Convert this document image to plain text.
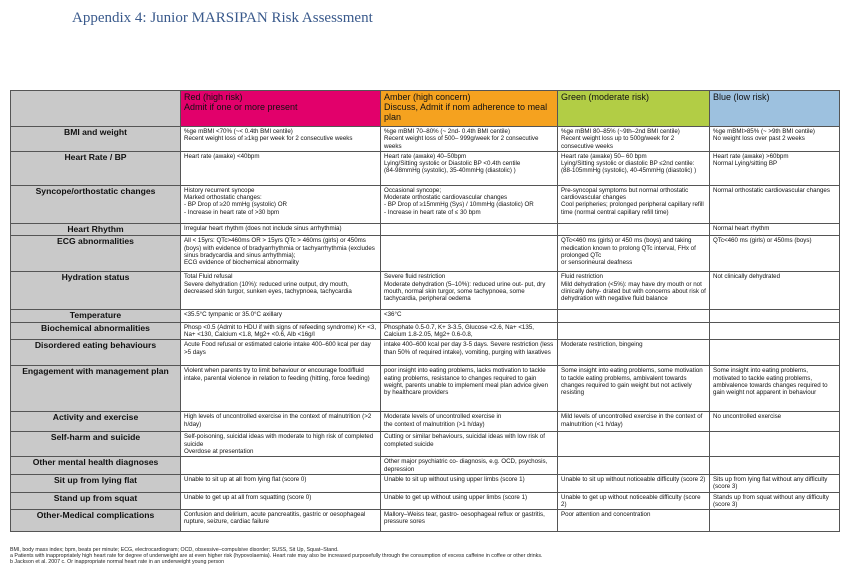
Appendix 4: Junior MARSIPAN Risk Assessment

	Red (high risk)
Admit if one or more present	Amber (high concern)
Discuss, Admit if nom adherence to meal plan	Green (moderate risk)	Blue (low risk)

BMI and weight	%ge mBMI <70% (~< 0.4th BMI centile)
Recent weight loss of ≥1kg per week for 2 consecutive weeks	%ge mBMI 70–80% (~ 2nd- 0.4th BMI centile)
Recent weight loss of 500– 999g/week for 2 consecutive weeks	%ge mBMI 80–85% (~9th–2nd BMI centile)
Recent weight loss up to 500g/week for 2 consecutive weeks	%ge mBMI>85% (~ >9th BMI centile)
No weight loss over past 2 weeks

Heart Rate / BP	Heart rate (awake) <40bpm	Heart rate (awake) 40–50bpm
Lying/Sitting systolic or Diastolic BP <0.4th centile
(84-98mmHg (systolic), 35-40mmHg (diastolic) )	Heart rate (awake) 50– 60 bpm
Lying/Sitting systolic or diastolic BP ≤2nd centile:
(88-105mmHg (systolic), 40-45mmHg (diastolic) )	Heart rate (awake) >60bpm
Normal Lying/sitting BP

Syncope/orthostatic changes	History recurrent syncope
Marked orthostatic changes:
- BP Drop of ≥20 mmHg (systolic) OR
- Increase in heart rate of >30 bpm	Occasional syncope;
Moderate orthostatic cardiovascular changes
- BP Drop of ≥15mmHg (Sys) / 10mmHg (diastolic) OR
- Increase in heart rate of ≤ 30 bpm	Pre-syncopal symptoms but normal orthostatic cardiovascular changes
Cool peripheries; prolonged peripheral capillary refill time (normal central capillary refill time)	Normal orthostatic cardiovascular changes

Heart Rhythm	Irregular heart rhythm (does not include sinus arrhythmia)			Normal heart rhythm

ECG abnormalities	All < 15yrs: QTc>460ms OR > 15yrs QTc > 460ms (girls) or 450ms (boys) with evidence of bradyarrhythmia or tachyarrhythmia (excludes sinus bradycardia and sinus arrhythmia);
ECG evidence of biochemical abnormality		QTc<460 ms (girls) or 450 ms (boys) and taking medication known to prolong QTc interval, FHx of prolonged QTc
or sensorineural deafness	QTc<460 ms (girls) or 450ms (boys)

Hydration status	Total Fluid refusal
Severe dehydration (10%): reduced urine output, dry mouth,
decreased skin turgor, sunken eyes, tachypnoea, tachycardia	Severe fluid restriction
Moderate dehydration (5–10%): reduced urine out- put, dry mouth, normal skin turgor, some tachypnoea, some tachycardia, peripheral oedema	Fluid restriction
Mild dehydration (<5%): may have dry mouth or not clinically dehy- drated but with concerns about risk of dehydration with negative fluid balance	Not clinically dehydrated

Temperature	<35.5°C tympanic or 35.0°C axillary	<36°C		

Biochemical abnormalities	Phosp <0.5 (Admit to HDU if with signs of refeeding syndrome) K+ <3, Na+ <130, Calcium <1.8, Mg2+ <0.6, Alb <16g/l	Phosphate 0.5-0.7, K+ 3-3.5, Glucose <2.6, Na+ <135, Calcium 1.8-2.05, Mg2+ 0.6-0.8,		

Disordered eating behaviours	Acute Food refusal or estimated calorie intake 400–600 kcal per day >5 days	intake 400–600 kcal per day 3-5 days. Severe restriction (less than 50% of required intake), vomiting, purging with laxatives	Moderate restriction, bingeing	

Engagement with management plan	Violent when parents try to limit behaviour or encourage food/fluid intake, parental violence in relation to feeding (hitting, force feeding)	poor insight into eating problems, lacks motivation to tackle eating problems, resistance to changes required to gain weight, parents unable to implement meal plan advice given by healthcare providers	Some insight into eating problems, some motivation to tackle eating problems, ambivalent towards changes required to gain weight but not actively resisting	Some insight into eating problems, motivated to tackle eating problems, ambivalence towards changes required to gain weight not apparent in behaviour

Activity and exercise	High levels of uncontrolled exercise in the context of malnutrition (>2 h/day)	Moderate levels of uncontrolled exercise in
the context of malnutrition (>1 h/day)	Mild levels of uncontrolled exercise in the context of
malnutrition (<1 h/day)	No uncontrolled exercise

Self-harm and suicide	Self-poisoning, suicidal ideas with moderate to high risk of completed suicide
Overdose at presentation	Cutting or similar behaviours, suicidal ideas with low risk of completed suicide		

Other mental health diagnoses		Other major psychiatric co- diagnosis, e.g. OCD, psychosis, depression		

Sit up from lying flat	Unable to sit up at all from lying flat (score 0)	Unable to sit up without using upper limbs (score 1)	Unable to sit up without noticeable difficulty (score 2)	Sits up from lying flat without any difficulty (score 3)

Stand up from squat	Unable to get up at all from squatting (score 0)	Unable to get up without using upper limbs (score 1)	Unable to get up without noticeable difficulty (score 2)	Stands up from squat without any difficulty (score 3)

Other-Medical complications	Confusion and delirium, acute pancreatitis, gastric or oesophageal rupture, seizure, cardiac failure	Mallory–Weiss tear, gastro- oesophageal reflux or gastritis, pressure sores	Poor attention and concentration	

BMI, body mass index; bpm, beats per minute; ECG, electrocardiogram; OCD, obsessive–compulsive disorder; SUSS, Sit Up, Squat–Stand.
a Patients with inappropriately high heart rate for degree of underweight are at even higher risk (hypovolaemia). Heart rate may also be increased purposefully through the consumption of excess caffeine in coffee or other drinks.
b Jackson et al. 2007 c. Or inappropriate normal heart rate in an underweight young person
